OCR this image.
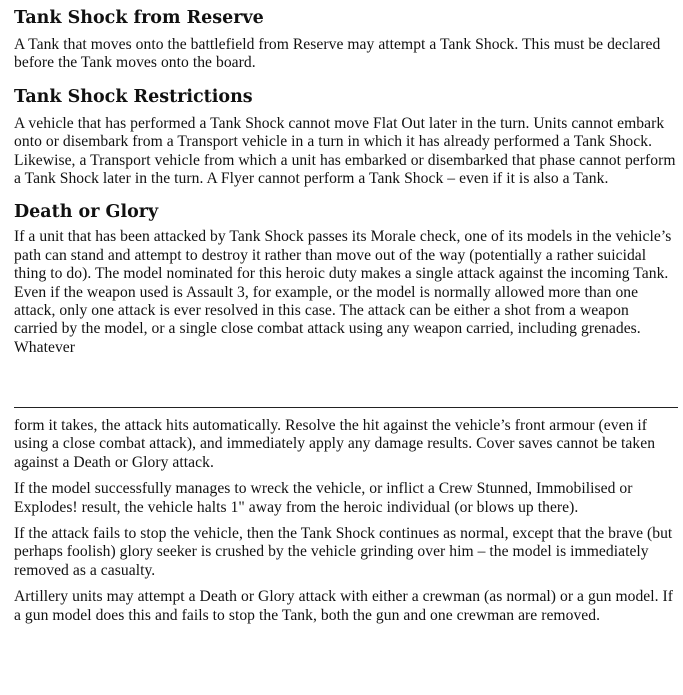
Tank Shock from Reserve

A Tank that moves onto the battlefield from Reserve may attempt a Tank Shock. This must be declared before the Tank moves onto the board.

Tank Shock Restrictions

A vehicle that has performed a Tank Shock cannot move Flat Out later in the turn. Units cannot embark onto or disembark from a Transport vehicle in a turn in which it has already performed a Tank Shock. Likewise, a Transport vehicle from which a unit has embarked or disembarked that phase cannot perform a Tank Shock later in the turn. A Flyer cannot perform a Tank Shock – even if it is also a Tank.

Death or Glory

If a unit that has been attacked by Tank Shock passes its Morale check, one of its models in the vehicle’s path can stand and attempt to destroy it rather than move out of the way (potentially a rather suicidal thing to do). The model nominated for this heroic duty makes a single attack against the incoming Tank. Even if the weapon used is Assault 3, for example, or the model is normally allowed more than one attack, only one attack is ever resolved in this case. The attack can be either a shot from a weapon carried by the model, or a single close combat attack using any weapon carried, including grenades. Whatever

form it takes, the attack hits automatically. Resolve the hit against the vehicle’s front armour (even if using a close combat attack), and immediately apply any damage results. Cover saves cannot be taken against a Death or Glory attack.

If the model successfully manages to wreck the vehicle, or inflict a Crew Stunned, Immobilised or Explodes! result, the vehicle halts 1" away from the heroic individual (or blows up there).

If the attack fails to stop the vehicle, then the Tank Shock continues as normal, except that the brave (but perhaps foolish) glory seeker is crushed by the vehicle grinding over him – the model is immediately removed as a casualty.

Artillery units may attempt a Death or Glory attack with either a crewman (as normal) or a gun model. If a gun model does this and fails to stop the Tank, both the gun and one crewman are removed.
